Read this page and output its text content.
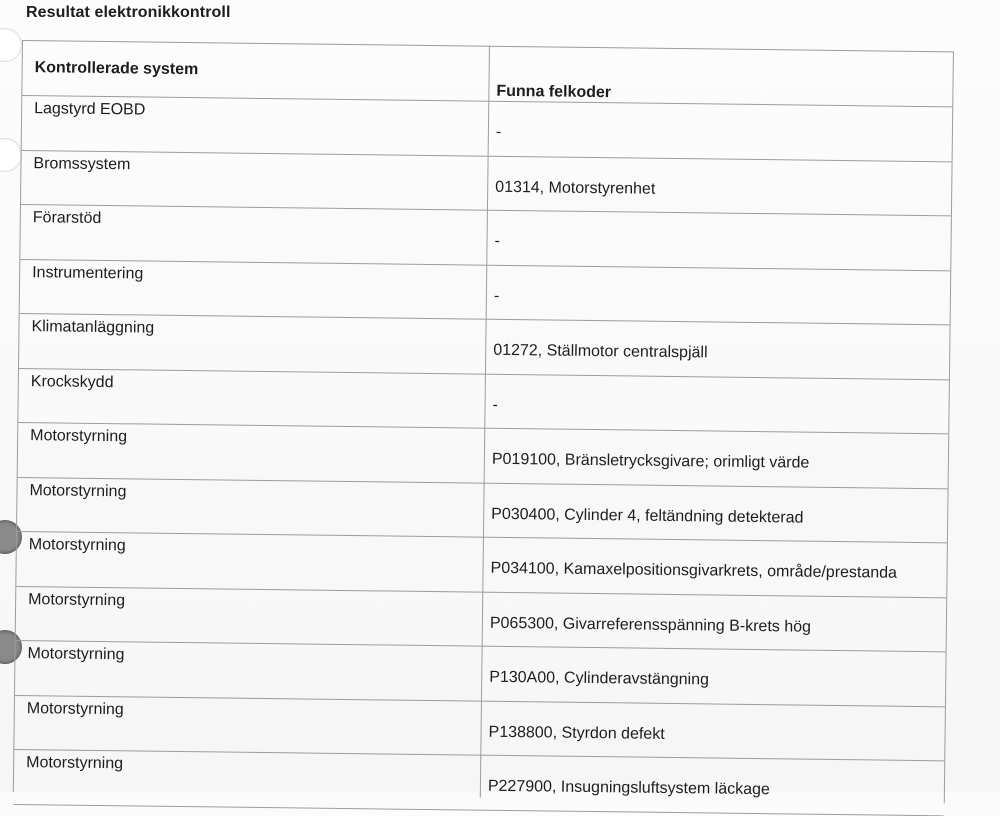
Resultat elektronikkontroll
Kontrollerade system
Funna felkoder
Lagstyrd EOBD
-
Bromssystem
01314, Motorstyrenhet
Förarstöd
-
Instrumentering
-
Klimatanläggning
01272, Ställmotor centralspjäll
Krockskydd
-
Motorstyrning
P019100, Bränsletrycksgivare; orimligt värde
Motorstyrning
P030400, Cylinder 4, feltändning detekterad
Motorstyrning
P034100, Kamaxelpositionsgivarkrets, område/prestanda
Motorstyrning
P065300, Givarreferensspänning B-krets hög
Motorstyrning
P130A00, Cylinderavstängning
Motorstyrning
P138800, Styrdon defekt
Motorstyrning
P227900, Insugningsluftsystem läckage
